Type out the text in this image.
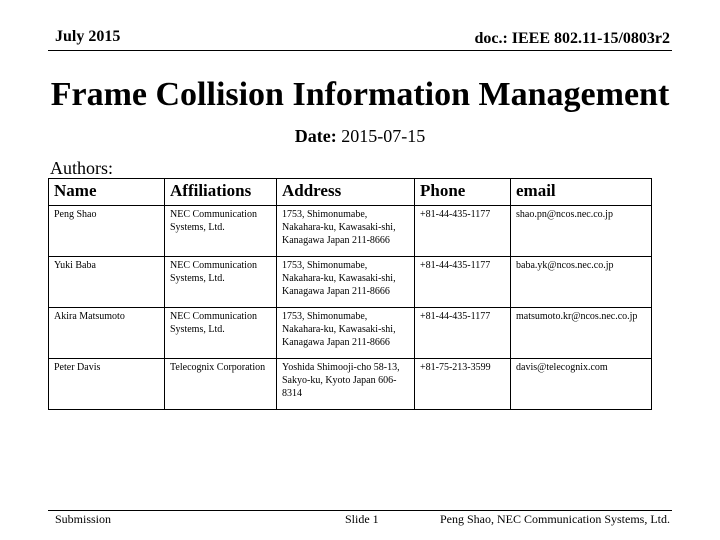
July 2015	doc.: IEEE 802.11-15/0803r2
Frame Collision Information Management
Date: 2015-07-15
Authors:
Name	Affiliations	Address	Phone	email
Peng Shao	NEC Communication Systems, Ltd.	1753, Shimonumabe, Nakahara-ku, Kawasaki-shi, Kanagawa Japan 211-8666	+81-44-435-1177	shao.pn@ncos.nec.co.jp
Yuki Baba	NEC Communication Systems, Ltd.	1753, Shimonumabe, Nakahara-ku, Kawasaki-shi, Kanagawa Japan 211-8666	+81-44-435-1177	baba.yk@ncos.nec.co.jp
Akira Matsumoto	NEC Communication Systems, Ltd.	1753, Shimonumabe, Nakahara-ku, Kawasaki-shi, Kanagawa Japan 211-8666	+81-44-435-1177	matsumoto.kr@ncos.nec.co.jp
Peter Davis	Telecognix Corporation	Yoshida Shimooji-cho 58-13, Sakyo-ku, Kyoto Japan 606-8314	+81-75-213-3599	davis@telecognix.com
Submission	Slide 1	Peng Shao, NEC Communication Systems, Ltd.
